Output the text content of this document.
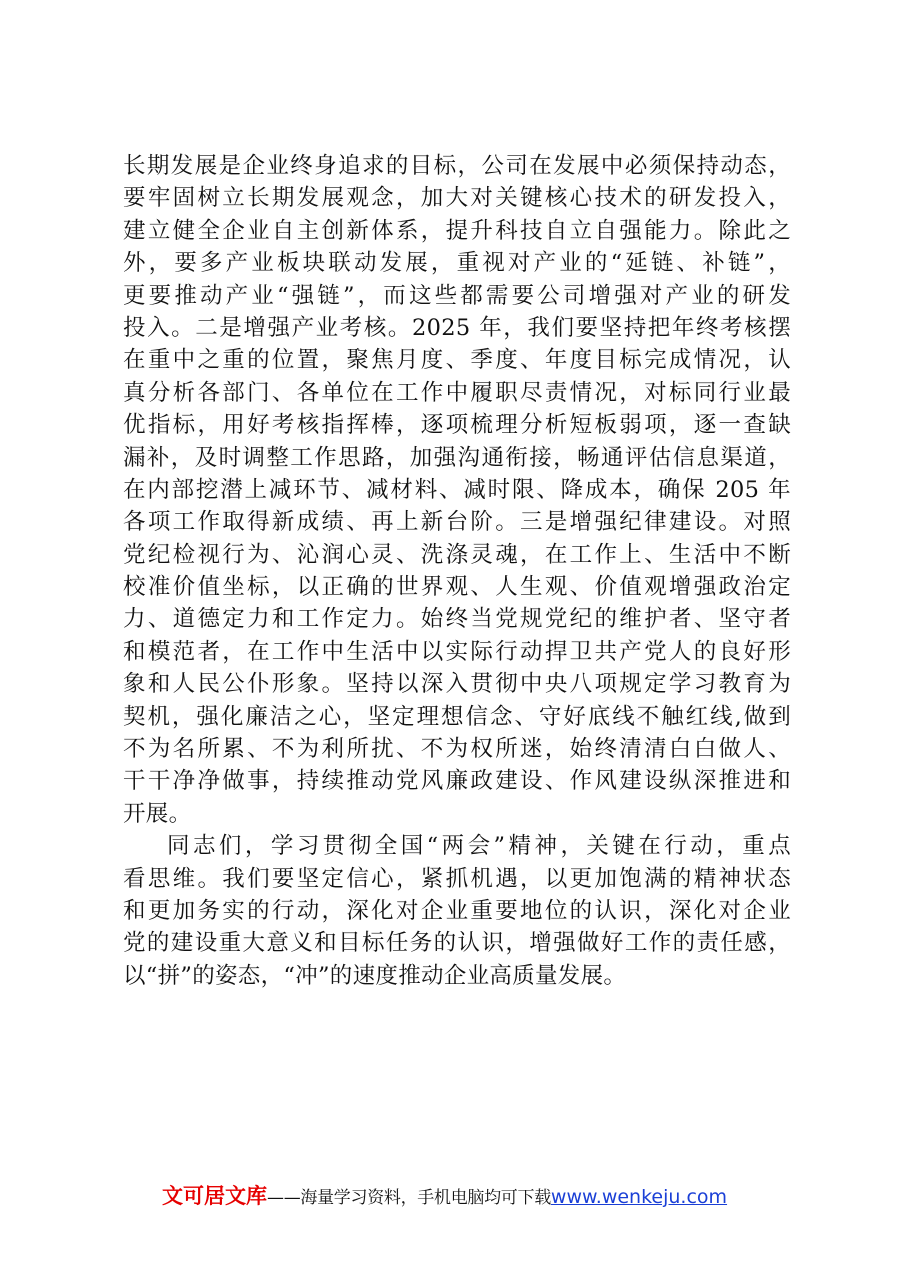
长期发展是企业终身追求的目标，公司在发展中必须保持动态，
要牢固树立长期发展观念，加大对关键核心技术的研发投入，
建立健全企业自主创新体系，提升科技自立自强能力。除此之
外，要多产业板块联动发展，重视对产业的“延链、补链”，
更要推动产业“强链”，而这些都需要公司增强对产业的研发
投入。二是增强产业考核。2025 年，我们要坚持把年终考核摆
在重中之重的位置，聚焦月度、季度、年度目标完成情况，认
真分析各部门、各单位在工作中履职尽责情况，对标同行业最
优指标，用好考核指挥棒，逐项梳理分析短板弱项，逐一查缺
漏补，及时调整工作思路，加强沟通衔接，畅通评估信息渠道，
在内部挖潜上减环节、减材料、减时限、降成本，确保 205 年
各项工作取得新成绩、再上新台阶。三是增强纪律建设。对照
党纪检视行为、沁润心灵、洗涤灵魂，在工作上、生活中不断
校准价值坐标，以正确的世界观、人生观、价值观增强政治定
力、道德定力和工作定力。始终当党规党纪的维护者、坚守者
和模范者，在工作中生活中以实际行动捍卫共产党人的良好形
象和人民公仆形象。坚持以深入贯彻中央八项规定学习教育为
契机，强化廉洁之心，坚定理想信念、守好底线不触红线,做到
不为名所累、不为利所扰、不为权所迷，始终清清白白做人、
干干净净做事，持续推动党风廉政建设、作风建设纵深推进和
开展。
同志们，学习贯彻全国“两会”精神，关键在行动，重点
看思维。我们要坚定信心，紧抓机遇，以更加饱满的精神状态
和更加务实的行动，深化对企业重要地位的认识，深化对企业
党的建设重大意义和目标任务的认识，增强做好工作的责任感，
以“拼”的姿态，“冲”的速度推动企业高质量发展。
文可居文库——海量学习资料，手机电脑均可下载www.wenkeju.com
